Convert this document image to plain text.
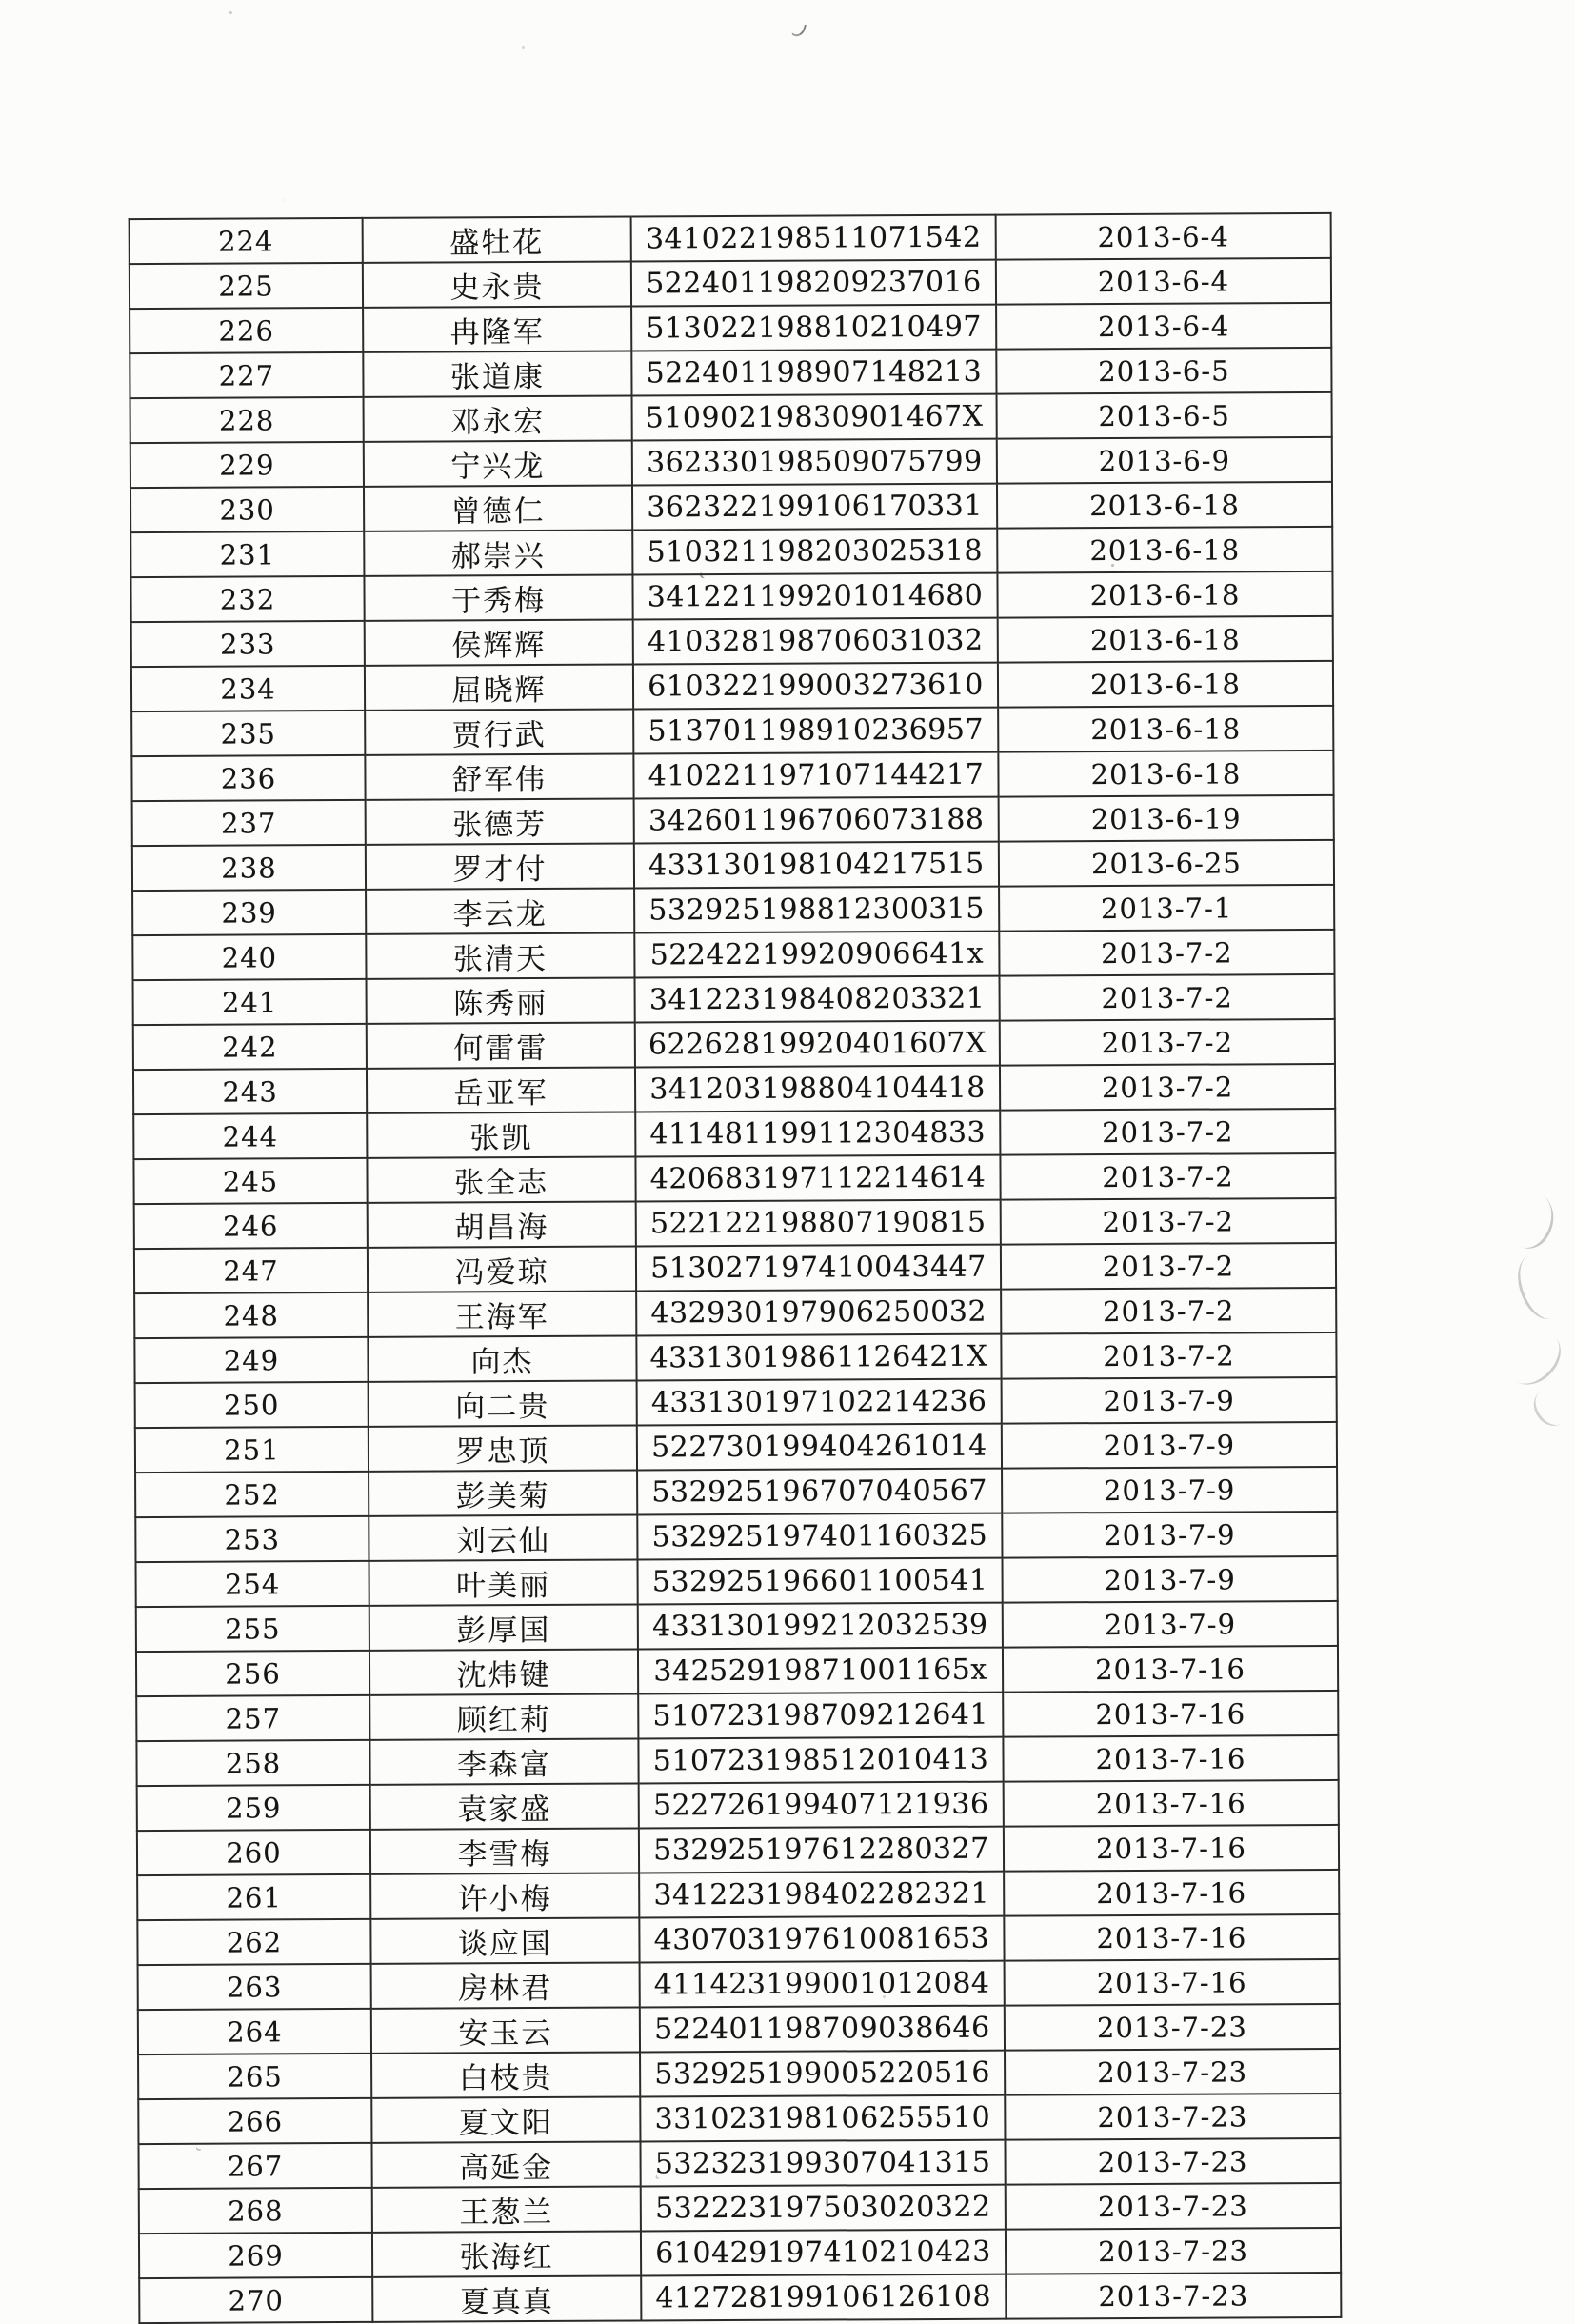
224	盛牡花	341022198511071542	2013-6-4
225	史永贵	522401198209237016	2013-6-4
226	冉隆军	513022198810210497	2013-6-4
227	张道康	522401198907148213	2013-6-5
228	邓永宏	51090219830901467X	2013-6-5
229	宁兴龙	362330198509075799	2013-6-9
230	曾德仁	362322199106170331	2013-6-18
231	郝崇兴	510321198203025318	2013-6-18
232	于秀梅	341221199201014680	2013-6-18
233	侯辉辉	410328198706031032	2013-6-18
234	屈晓辉	610322199003273610	2013-6-18
235	贾行武	513701198910236957	2013-6-18
236	舒军伟	410221197107144217	2013-6-18
237	张德芳	342601196706073188	2013-6-19
238	罗才付	433130198104217515	2013-6-25
239	李云龙	532925198812300315	2013-7-1
240	张清天	52242219920906641x	2013-7-2
241	陈秀丽	341223198408203321	2013-7-2
242	何雷雷	62262819920401607X	2013-7-2
243	岳亚军	341203198804104418	2013-7-2
244	张凯	411481199112304833	2013-7-2
245	张全志	420683197112214614	2013-7-2
246	胡昌海	522122198807190815	2013-7-2
247	冯爱琼	513027197410043447	2013-7-2
248	王海军	432930197906250032	2013-7-2
249	向杰	43313019861126421X	2013-7-2
250	向二贵	433130197102214236	2013-7-9
251	罗忠顶	522730199404261014	2013-7-9
252	彭美菊	532925196707040567	2013-7-9
253	刘云仙	532925197401160325	2013-7-9
254	叶美丽	532925196601100541	2013-7-9
255	彭厚国	433130199212032539	2013-7-9
256	沈炜键	34252919871001165x	2013-7-16
257	顾红莉	510723198709212641	2013-7-16
258	李森富	510723198512010413	2013-7-16
259	袁家盛	522726199407121936	2013-7-16
260	李雪梅	532925197612280327	2013-7-16
261	许小梅	341223198402282321	2013-7-16
262	谈应国	430703197610081653	2013-7-16
263	房林君	411423199001012084	2013-7-16
264	安玉云	522401198709038646	2013-7-23
265	白枝贵	532925199005220516	2013-7-23
266	夏文阳	331023198106255510	2013-7-23
267	高延金	532323199307041315	2013-7-23
268	王葱兰	532223197503020322	2013-7-23
269	张海红	610429197410210423	2013-7-23
270	夏真真	412728199106126108	2013-7-23
